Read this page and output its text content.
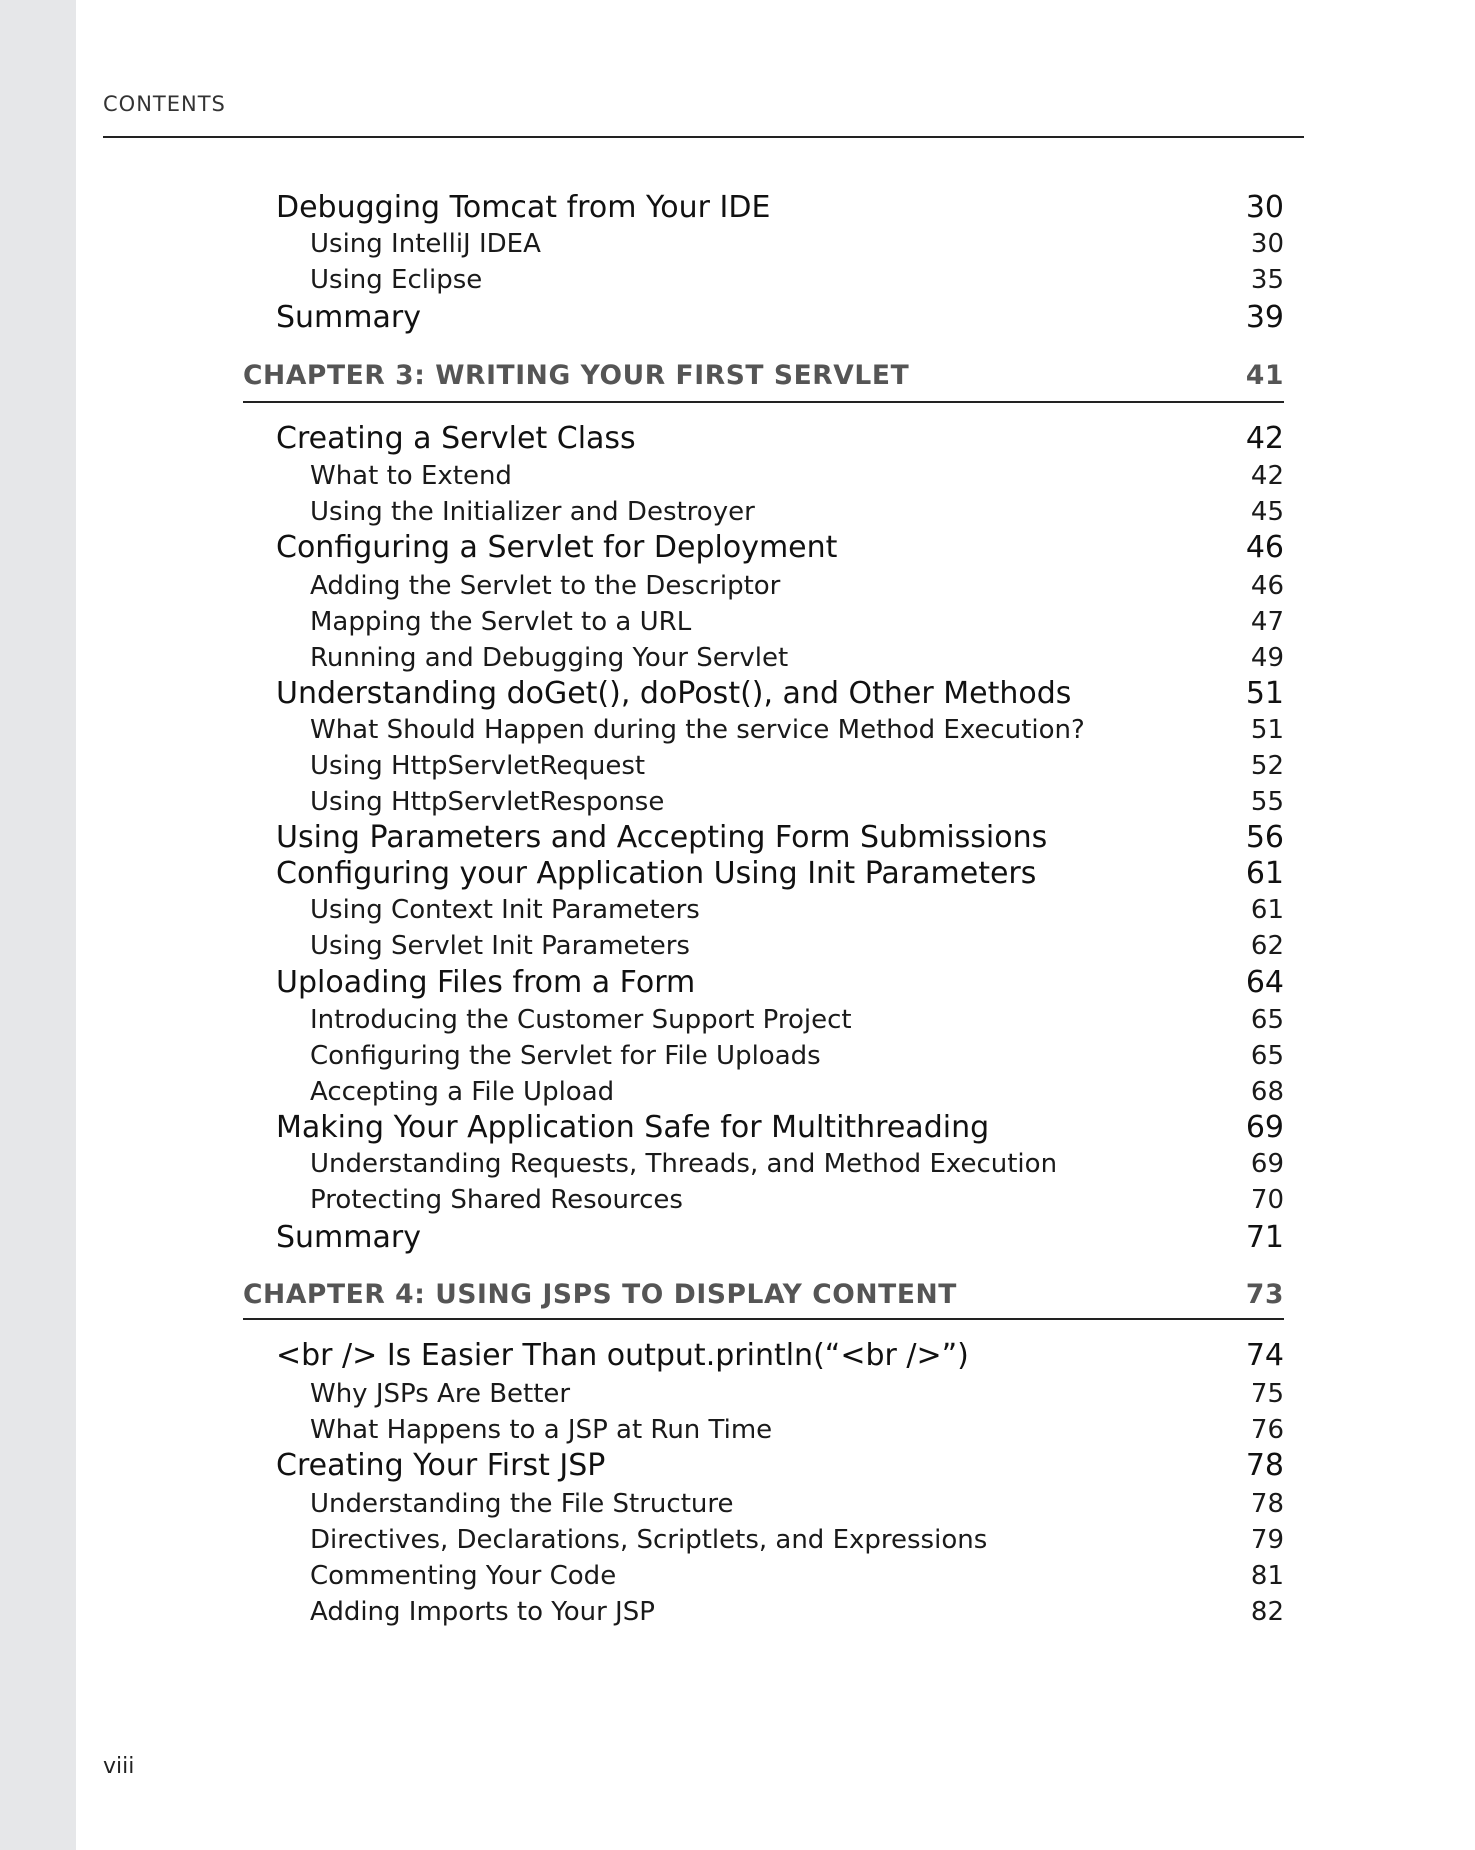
CONTENTS
Debugging Tomcat from Your IDE	30
Using IntelliJ IDEA	30
Using Eclipse	35
Summary	39
CHAPTER 3: WRITING YOUR FIRST SERVLET	41
Creating a Servlet Class	42
What to Extend	42
Using the Initializer and Destroyer	45
Configuring a Servlet for Deployment	46
Adding the Servlet to the Descriptor	46
Mapping the Servlet to a URL	47
Running and Debugging Your Servlet	49
Understanding doGet(), doPost(), and Other Methods	51
What Should Happen during the service Method Execution?	51
Using HttpServletRequest	52
Using HttpServletResponse	55
Using Parameters and Accepting Form Submissions	56
Configuring your Application Using Init Parameters	61
Using Context Init Parameters	61
Using Servlet Init Parameters	62
Uploading Files from a Form	64
Introducing the Customer Support Project	65
Configuring the Servlet for File Uploads	65
Accepting a File Upload	68
Making Your Application Safe for Multithreading	69
Understanding Requests, Threads, and Method Execution	69
Protecting Shared Resources	70
Summary	71
CHAPTER 4: USING JSPS TO DISPLAY CONTENT	73
<br /> Is Easier Than output.println(“<br />”)	74
Why JSPs Are Better	75
What Happens to a JSP at Run Time	76
Creating Your First JSP	78
Understanding the File Structure	78
Directives, Declarations, Scriptlets, and Expressions	79
Commenting Your Code	81
Adding Imports to Your JSP	82
viii
